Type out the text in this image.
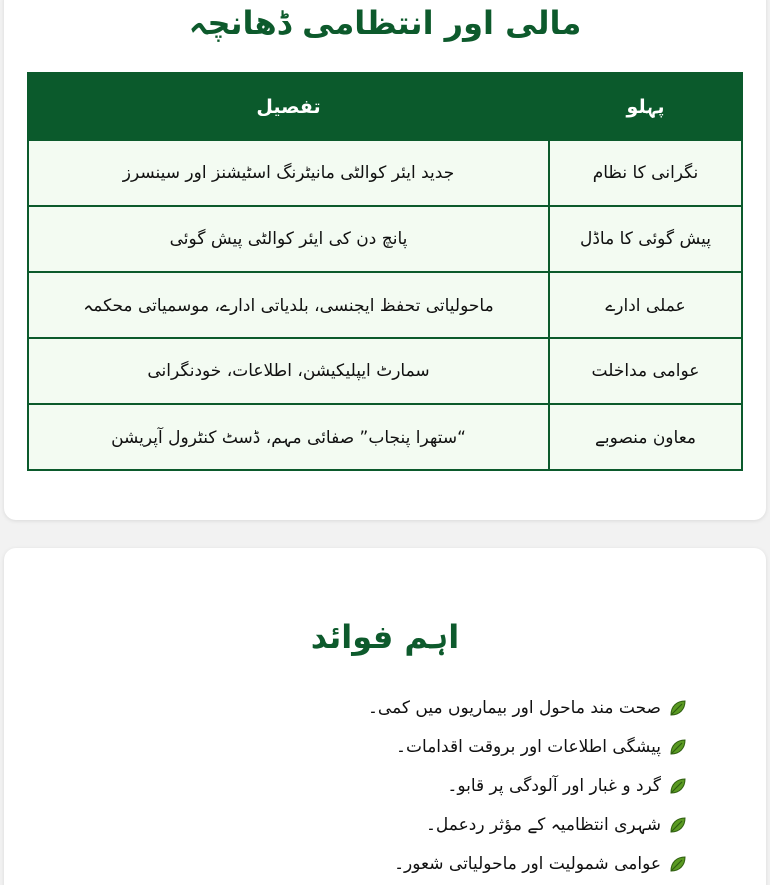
مالی اور انتظامی ڈھانچہ
پہلو	تفصیل
نگرانی کا نظام	جدید ایئر کوالٹی مانیٹرنگ اسٹیشنز اور سینسرز
پیش گوئی کا ماڈل	پانچ دن کی ایئر کوالٹی پیش گوئی
عملی ادارے	ماحولیاتی تحفظ ایجنسی، بلدیاتی ادارے، موسمیاتی محکمہ
عوامی مداخلت	سمارٹ ایپلیکیشن، اطلاعات، خودنگرانی
معاون منصوبے	“ستھرا پنجاب” صفائی مہم، ڈسٹ کنٹرول آپریشن
اہم فوائد
صحت مند ماحول اور بیماریوں میں کمی۔
پیشگی اطلاعات اور بروقت اقدامات۔
گرد و غبار اور آلودگی پر قابو۔
شہری انتظامیہ کے مؤثر ردعمل۔
عوامی شمولیت اور ماحولیاتی شعور۔
